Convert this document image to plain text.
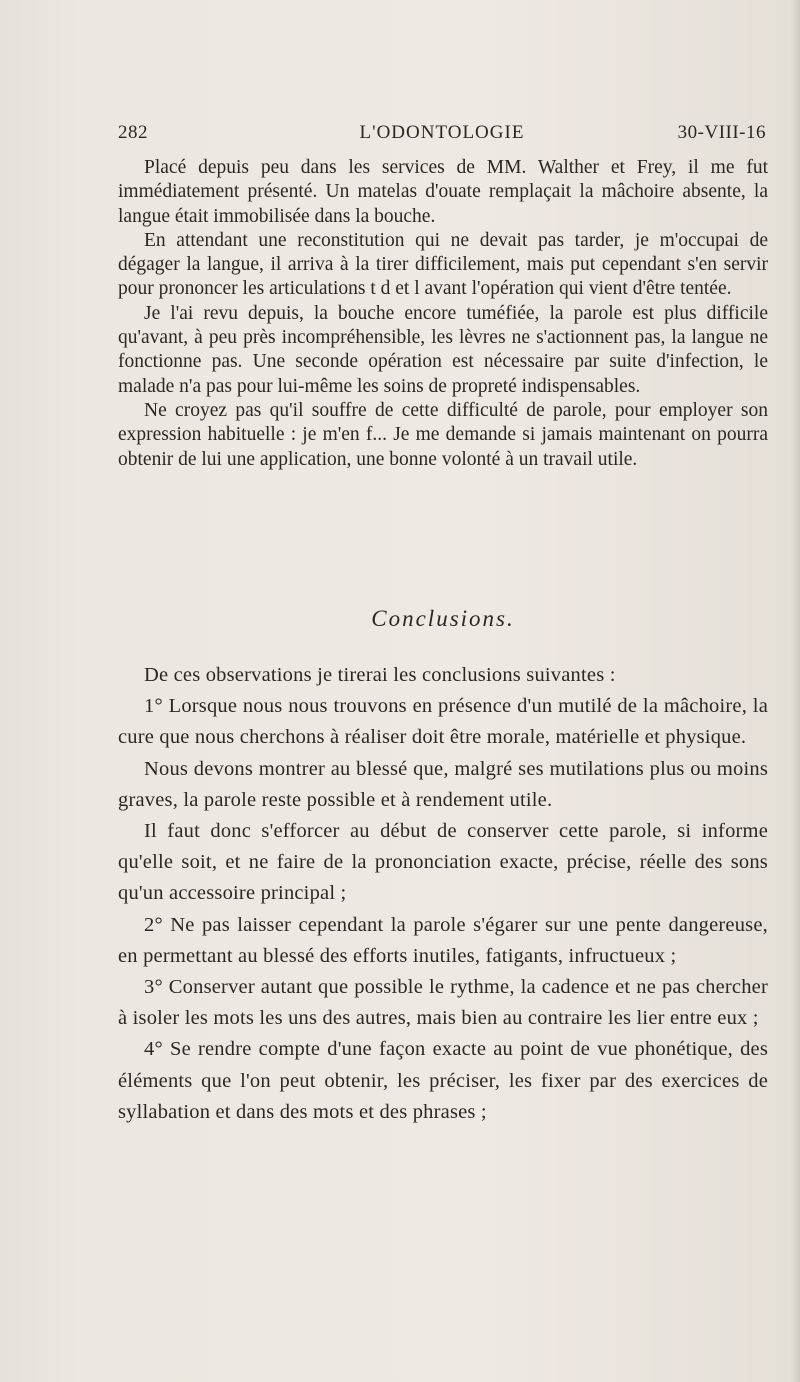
282	L'ODONTOLOGIE	30-VIII-16

Placé depuis peu dans les services de MM. Walther et Frey, il me fut immédiatement présenté. Un matelas d'ouate remplaçait la mâchoire absente, la langue était immobilisée dans la bouche.

En attendant une reconstitution qui ne devait pas tarder, je m'occupai de dégager la langue, il arriva à la tirer difficilement, mais put cependant s'en servir pour prononcer les articulations t d et l avant l'opération qui vient d'être tentée.

Je l'ai revu depuis, la bouche encore tuméfiée, la parole est plus difficile qu'avant, à peu près incompréhensible, les lèvres ne s'actionnent pas, la langue ne fonctionne pas. Une seconde opération est nécessaire par suite d'infection, le malade n'a pas pour lui-même les soins de propreté indispensables.

Ne croyez pas qu'il souffre de cette difficulté de parole, pour employer son expression habituelle : je m'en f... Je me demande si jamais maintenant on pourra obtenir de lui une application, une bonne volonté à un travail utile.

Conclusions.

De ces observations je tirerai les conclusions suivantes :

1° Lorsque nous nous trouvons en présence d'un mutilé de la mâchoire, la cure que nous cherchons à réaliser doit être morale, matérielle et physique.

Nous devons montrer au blessé que, malgré ses mutilations plus ou moins graves, la parole reste possible et à rendement utile.

Il faut donc s'efforcer au début de conserver cette parole, si informe qu'elle soit, et ne faire de la prononciation exacte, précise, réelle des sons qu'un accessoire principal ;

2° Ne pas laisser cependant la parole s'égarer sur une pente dangereuse, en permettant au blessé des efforts inutiles, fatigants, infructueux ;

3° Conserver autant que possible le rythme, la cadence et ne pas chercher à isoler les mots les uns des autres, mais bien au contraire les lier entre eux ;

4° Se rendre compte d'une façon exacte au point de vue phonétique, des éléments que l'on peut obtenir, les préciser, les fixer par des exercices de syllabation et dans des mots et des phrases ;
